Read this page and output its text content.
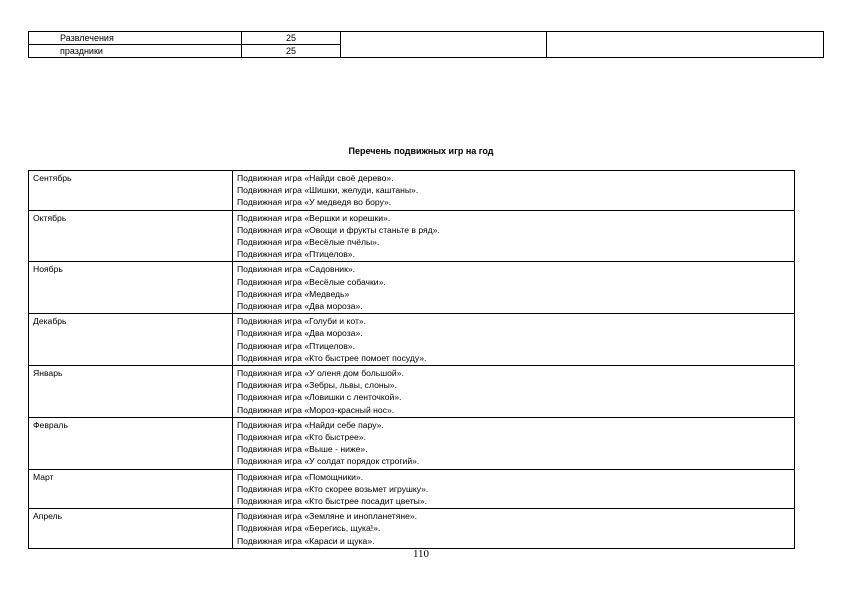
Развлечения	25		
праздники	25		
Перечень подвижных игр на год
Сентябрь	Подвижная игра «Найди своё дерево».
Подвижная игра «Шишки, желуди, каштаны».
Подвижная игра «У медведя во бору».

Октябрь	Подвижная игра «Вершки и корешки».
Подвижная игра «Овощи и фрукты станьте в ряд».
Подвижная игра «Весёлые пчёлы».
Подвижная игра «Птицелов».

Ноябрь	Подвижная игра «Садовник».
Подвижная игра «Весёлые собачки».
Подвижная игра «Медведь»
Подвижная игра «Два мороза».

Декабрь	Подвижная игра «Голуби и кот».
Подвижная игра «Два мороза».
Подвижная игра «Птицелов».
Подвижная игра «Кто быстрее помоет посуду».

Январь	Подвижная игра «У оленя дом большой».
Подвижная игра «Зебры, львы, слоны».
Подвижная игра «Ловишки с ленточкой».
Подвижная игра «Мороз-красный нос».

Февраль	Подвижная игра «Найди себе пару».
Подвижная игра «Кто быстрее».
Подвижная игра «Выше - ниже».
Подвижная игра «У солдат порядок строгий».

Март	Подвижная игра «Помощники».
Подвижная игра «Кто скорее возьмет игрушку».
Подвижная игра «Кто быстрее посадит цветы».

Апрель	Подвижная игра «Земляне и инопланетяне».
Подвижная игра «Берегись, щука!».
Подвижная игра «Караси и щука».
110
